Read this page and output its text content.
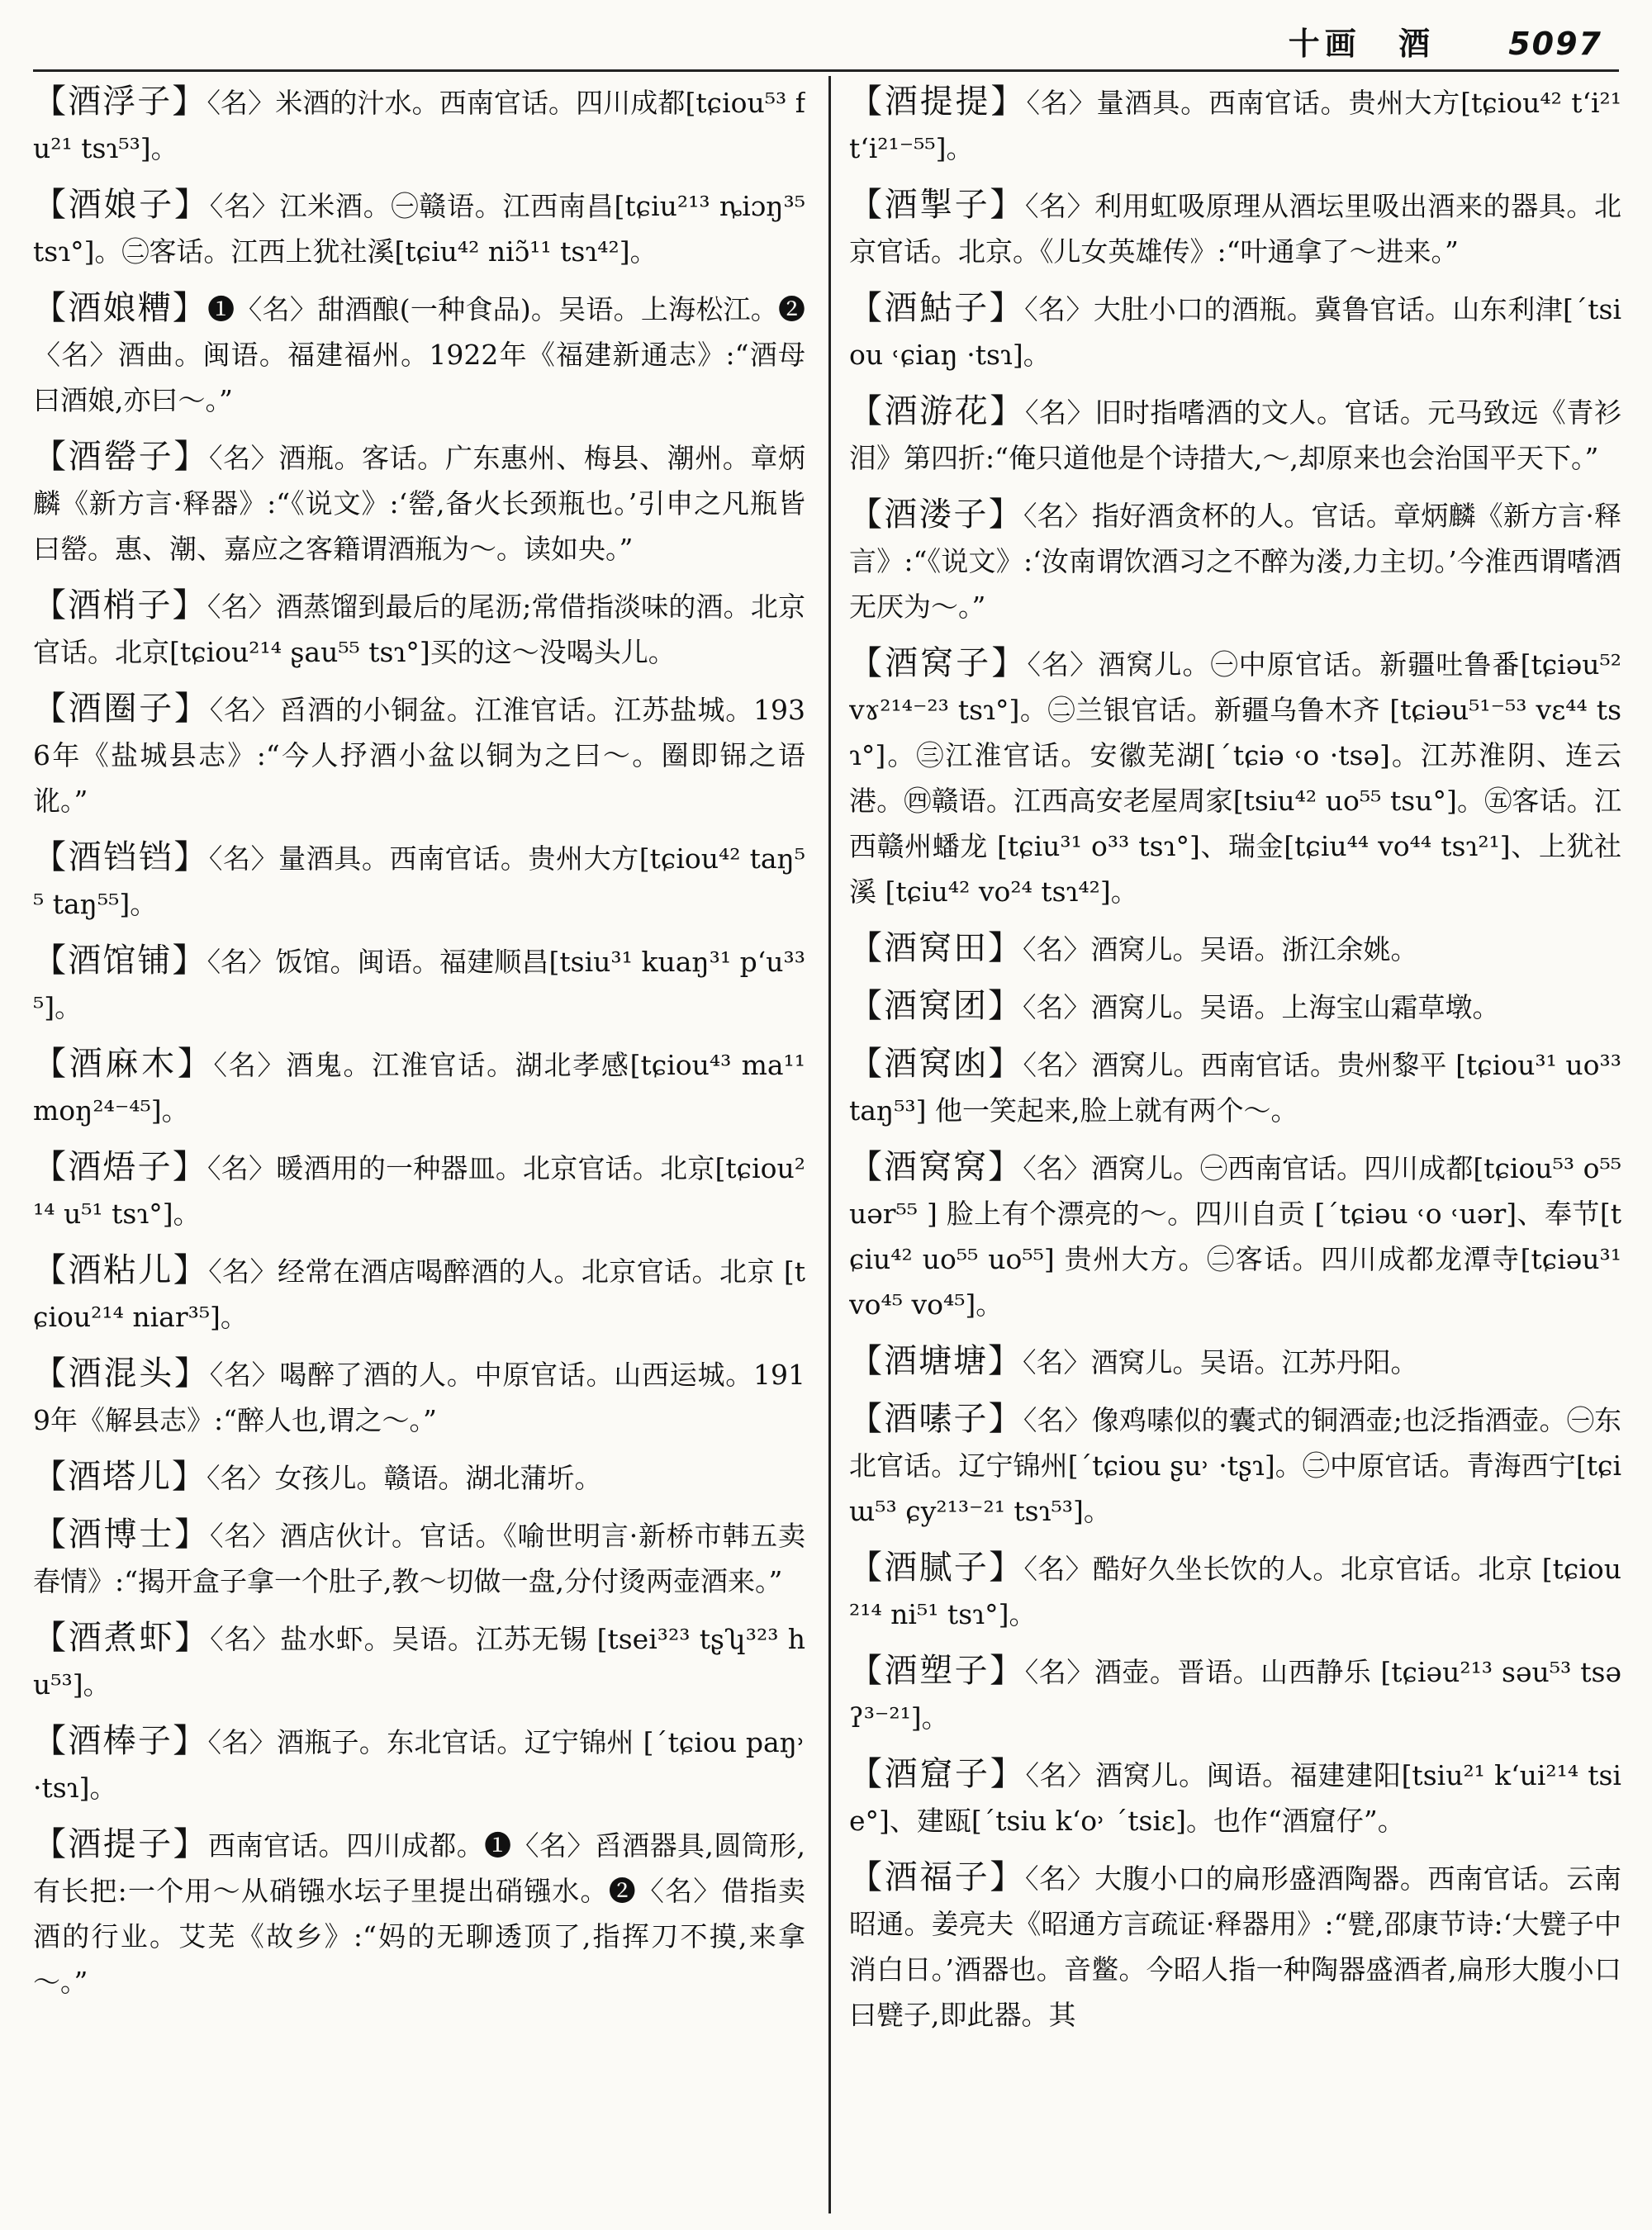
十画 酒 5097

【酒浮子】〈名〉米酒的汁水。西南官话。四川成都[tɕiou⁵³ fu²¹ tsɿ⁵³]。

【酒娘子】〈名〉江米酒。㊀赣语。江西南昌[tɕiu²¹³ ȵiɔŋ³⁵ tsɿ°]。㊁客话。江西上犹社溪[tɕiu⁴² niɔ̃¹¹ tsɿ⁴²]。

【酒娘糟】❶〈名〉甜酒酿(一种食品)。吴语。上海松江。❷〈名〉酒曲。闽语。福建福州。1922年《福建新通志》:“酒母曰酒娘,亦曰～。”

【酒罃子】〈名〉酒瓶。客话。广东惠州、梅县、潮州。章炳麟《新方言·释器》:“《说文》:‘罃,备火长颈瓶也。’引申之凡瓶皆曰罃。惠、潮、嘉应之客籍谓酒瓶为～。读如央。”

【酒梢子】〈名〉酒蒸馏到最后的尾沥;常借指淡味的酒。北京官话。北京[tɕiou²¹⁴ ʂau⁵⁵ tsɿ°]买的这～没喝头儿。

【酒圈子】〈名〉舀酒的小铜盆。江淮官话。江苏盐城。1936年《盐城县志》:“今人抒酒小盆以铜为之曰～。圈即铞之语讹。”

【酒铛铛】〈名〉量酒具。西南官话。贵州大方[tɕiou⁴² taŋ⁵⁵ taŋ⁵⁵]。

【酒馆铺】〈名〉饭馆。闽语。福建顺昌[tsiu³¹ kuaŋ³¹ p‘u³³⁵]。

【酒麻木】〈名〉酒鬼。江淮官话。湖北孝感[tɕiou⁴³ ma¹¹ moŋ²⁴⁻⁴⁵]。

【酒焐子】〈名〉暖酒用的一种器皿。北京官话。北京[tɕiou²¹⁴ u⁵¹ tsɿ°]。

【酒粘儿】〈名〉经常在酒店喝醉酒的人。北京官话。北京 [tɕiou²¹⁴ niar³⁵]。

【酒混头】〈名〉喝醉了酒的人。中原官话。山西运城。1919年《解县志》:“醉人也,谓之～。”

【酒塔儿】〈名〉女孩儿。赣语。湖北蒲圻。

【酒博士】〈名〉酒店伙计。官话。《喻世明言·新桥市韩五卖春情》:“揭开盒子拿一个肚子,教～切做一盘,分付烫两壶酒来。”

【酒煮虾】〈名〉盐水虾。吴语。江苏无锡 [tsei³²³ tʂʮ³²³ hu⁵³]。

【酒棒子】〈名〉酒瓶子。东北官话。辽宁锦州 [ˊtɕiou paŋ˒ ·tsɿ]。

【酒提子】西南官话。四川成都。❶〈名〉舀酒器具,圆筒形,有长把:一个用～从硝镪水坛子里提出硝镪水。❷〈名〉借指卖酒的行业。艾芜《故乡》:“妈的无聊透顶了,指挥刀不摸,来拿～。”

【酒提提】〈名〉量酒具。西南官话。贵州大方[tɕiou⁴² t‘i²¹ t‘i²¹⁻⁵⁵]。

【酒掣子】〈名〉利用虹吸原理从酒坛里吸出酒来的器具。北京官话。北京。《儿女英雄传》:“叶通拿了～进来。”

【酒鮕子】〈名〉大肚小口的酒瓶。冀鲁官话。山东利津[ˊtsiou ˓ɕiaŋ ·tsɿ]。

【酒游花】〈名〉旧时指嗜酒的文人。官话。元马致远《青衫泪》第四折:“俺只道他是个诗措大,～,却原来也会治国平天下。”

【酒溇子】〈名〉指好酒贪杯的人。官话。章炳麟《新方言·释言》:“《说文》:‘汝南谓饮酒习之不醉为溇,力主切。’今淮西谓嗜酒无厌为～。”

【酒窝子】〈名〉酒窝儿。㊀中原官话。新疆吐鲁番[tɕiəu⁵² vɤ²¹⁴⁻²³ tsɿ°]。㊁兰银官话。新疆乌鲁木齐 [tɕiəu⁵¹⁻⁵³ vɛ⁴⁴ tsɿ°]。㊂江淮官话。安徽芜湖[ˊtɕiə ˓o ·tsə]。江苏淮阴、连云港。㊃赣语。江西高安老屋周家[tsiu⁴² uo⁵⁵ tsu°]。㊄客话。江西赣州蟠龙 [tɕiu³¹ o³³ tsɿ°]、瑞金[tɕiu⁴⁴ vo⁴⁴ tsɿ²¹]、上犹社溪 [tɕiu⁴² vo²⁴ tsɿ⁴²]。

【酒窝田】〈名〉酒窝儿。吴语。浙江余姚。

【酒窝团】〈名〉酒窝儿。吴语。上海宝山霜草墩。

【酒窝凼】〈名〉酒窝儿。西南官话。贵州黎平 [tɕiou³¹ uo³³ taŋ⁵³] 他一笑起来,脸上就有两个～。

【酒窝窝】〈名〉酒窝儿。㊀西南官话。四川成都[tɕiou⁵³ o⁵⁵ uər⁵⁵ ] 脸上有个漂亮的～。四川自贡 [ˊtɕiəu ˓o ˓uər]、奉节[tɕiu⁴² uo⁵⁵ uo⁵⁵] 贵州大方。㊁客话。四川成都龙潭寺[tɕiəu³¹ vo⁴⁵ vo⁴⁵]。

【酒塘塘】〈名〉酒窝儿。吴语。江苏丹阳。

【酒嗉子】〈名〉像鸡嗉似的囊式的铜酒壶;也泛指酒壶。㊀东北官话。辽宁锦州[ˊtɕiou ʂu˒ ·tʂɿ]。㊁中原官话。青海西宁[tɕiɯ⁵³ ɕy²¹³⁻²¹ tsɿ⁵³]。

【酒腻子】〈名〉酷好久坐长饮的人。北京官话。北京 [tɕiou²¹⁴ ni⁵¹ tsɿ°]。

【酒塑子】〈名〉酒壶。晋语。山西静乐 [tɕiəu²¹³ səu⁵³ tsəʔ³⁻²¹]。

【酒窟子】〈名〉酒窝儿。闽语。福建建阳[tsiu²¹ k‘ui²¹⁴ tsie°]、建瓯[ˊtsiu k‘o˒ ˊtsiɛ]。也作“酒窟仔”。

【酒福子】〈名〉大腹小口的扁形盛酒陶器。西南官话。云南昭通。姜亮夫《昭通方言疏证·释器用》:“甓,邵康节诗:‘大甓子中消白日。’酒器也。音鳖。今昭人指一种陶器盛酒者,扁形大腹小口曰甓子,即此器。其
